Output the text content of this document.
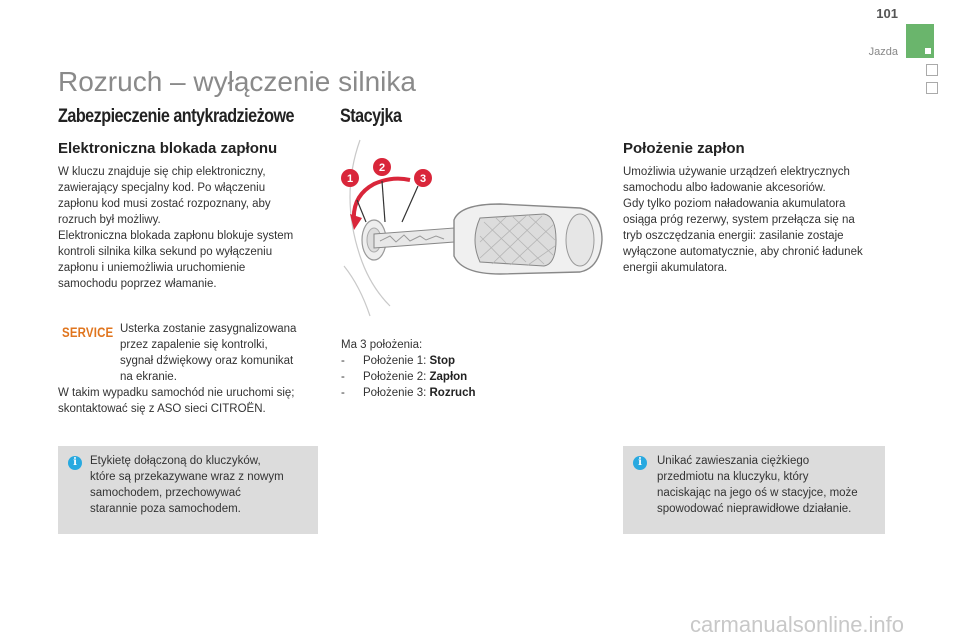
101
Jazda
Rozruch – wyłączenie silnika
Zabezpieczenie antykradzieżowe
Elektroniczna blokada zapłonu

W kluczu znajduje się chip elektroniczny,

zawierający specjalny kod. Po włączeniu

zapłonu kod musi zostać rozpoznany, aby

rozruch był możliwy.

Elektroniczna blokada zapłonu blokuje system

kontroli silnika kilka sekund po wyłączeniu

zapłonu i uniemożliwia uruchomienie

samochodu poprzez włamanie.

SERVICE Usterka zostanie zasygnalizowana

przez zapalenie się kontrolki,

sygnał dźwiękowy oraz komunikat

na ekranie.

W takim wypadku samochód nie uruchomi się;

skontaktować się z ASO sieci CITROËN.

i	Etykietę dołączoną do kluczyków,

które są przekazywane wraz z nowym

samochodem, przechowywać

starannie poza samochodem.

Stacyjka
1
2
3
Ma 3 położenia:
- Położenie 1: Stop
- Położenie 2: Zapłon
- Położenie 3: Rozruch
Położenie zapłon

Umożliwia używanie urządzeń elektrycznych

samochodu albo ładowanie akcesoriów.

Gdy tylko poziom naładowania akumulatora

osiąga próg rezerwy, system przełącza się na

tryb oszczędzania energii: zasilanie zostaje

wyłączone automatycznie, aby chronić ładunek

energii akumulatora.

i	Unikać zawieszania ciężkiego

przedmiotu na kluczyku, który

naciskając na jego oś w stacyjce, może

spowodować nieprawidłowe działanie.

carmanualsonline.info
